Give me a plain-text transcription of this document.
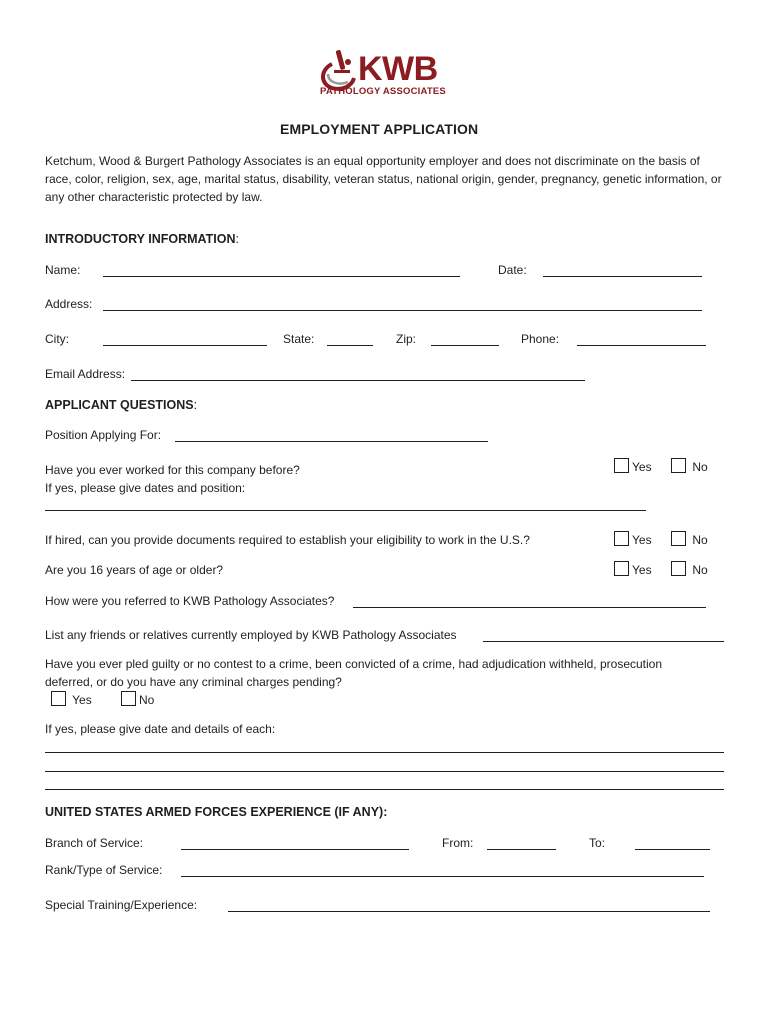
KWB
PATHOLOGY ASSOCIATES
EMPLOYMENT APPLICATION
Ketchum, Wood & Burgert Pathology Associates is an equal opportunity employer and does not discriminate on the basis of race, color, religion, sex, age, marital status, disability, veteran status, national origin, gender, pregnancy, genetic information, or any other characteristic protected by law.
INTRODUCTORY INFORMATION:
Name:	Date:
Address:
City:	State:	Zip:	Phone:
Email Address:
APPLICANT QUESTIONS:
Position Applying For:
Have you ever worked for this company before?
If yes, please give dates and position:
Yes	No
If hired, can you provide documents required to establish your eligibility to work in the U.S.?	Yes	No
Are you 16 years of age or older?	Yes	No
How were you referred to KWB Pathology Associates?
List any friends or relatives currently employed by KWB Pathology Associates
Have you ever pled guilty or no contest to a crime, been convicted of a crime, had adjudication withheld, prosecution
deferred, or do you have any criminal charges pending?
Yes	No
If yes, please give date and details of each:
UNITED STATES ARMED FORCES EXPERIENCE (IF ANY):
Branch of Service:	From:	To:
Rank/Type of Service:
Special Training/Experience:
